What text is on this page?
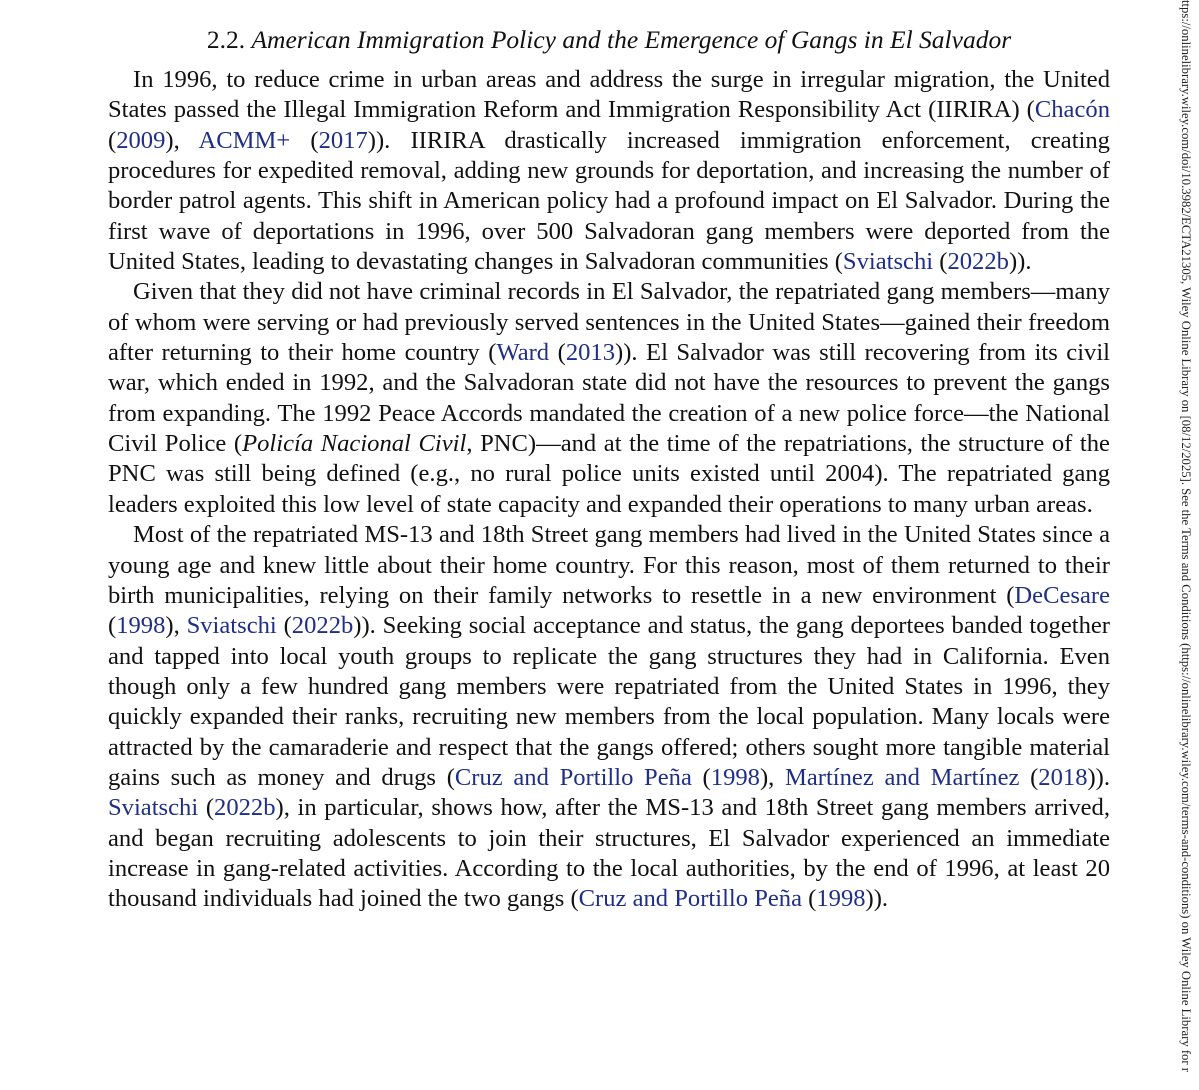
2.2. American Immigration Policy and the Emergence of Gangs in El Salvador

In 1996, to reduce crime in urban areas and address the surge in irregular migration, the United States passed the Illegal Immigration Reform and Immigration Responsibility Act (IIRIRA) (Chacón (2009), ACMM+ (2017)). IIRIRA drastically increased immigration enforcement, creating procedures for expedited removal, adding new grounds for deportation, and increasing the number of border patrol agents. This shift in American policy had a profound impact on El Salvador. During the first wave of deportations in 1996, over 500 Salvadoran gang members were deported from the United States, leading to devastating changes in Salvadoran communities (Sviatschi (2022b)).

Given that they did not have criminal records in El Salvador, the repatriated gang members—many of whom were serving or had previously served sentences in the United States—gained their freedom after returning to their home country (Ward (2013)). El Salvador was still recovering from its civil war, which ended in 1992, and the Salvadoran state did not have the resources to prevent the gangs from expanding. The 1992 Peace Accords mandated the creation of a new police force—the National Civil Police (Policía Nacional Civil, PNC)—and at the time of the repatriations, the structure of the PNC was still being defined (e.g., no rural police units existed until 2004). The repatriated gang leaders exploited this low level of state capacity and expanded their operations to many urban areas.

Most of the repatriated MS-13 and 18th Street gang members had lived in the United States since a young age and knew little about their home country. For this reason, most of them returned to their birth municipalities, relying on their family networks to resettle in a new environment (DeCesare (1998), Sviatschi (2022b)). Seeking social acceptance and status, the gang deportees banded together and tapped into local youth groups to replicate the gang structures they had in California. Even though only a few hundred gang members were repatriated from the United States in 1996, they quickly expanded their ranks, recruiting new members from the local population. Many locals were attracted by the camaraderie and respect that the gangs offered; others sought more tangible material gains such as money and drugs (Cruz and Portillo Peña (1998), Martínez and Martínez (2018)). Sviatschi (2022b), in particular, shows how, after the MS-13 and 18th Street gang members arrived, and began recruiting adolescents to join their structures, El Salvador experienced an immediate increase in gang-related activities. According to the local authorities, by the end of 1996, at least 20 thousand individuals had joined the two gangs (Cruz and Portillo Peña (1998)).	ttps://onlinelibrary.wiley.com/doi/10.3982/ECTA21305, Wiley Online Library on [08/12/2025]. See the Terms and Conditions (https://onlinelibrary.wiley.com/terms-and-conditions) on Wiley Online Library for r
